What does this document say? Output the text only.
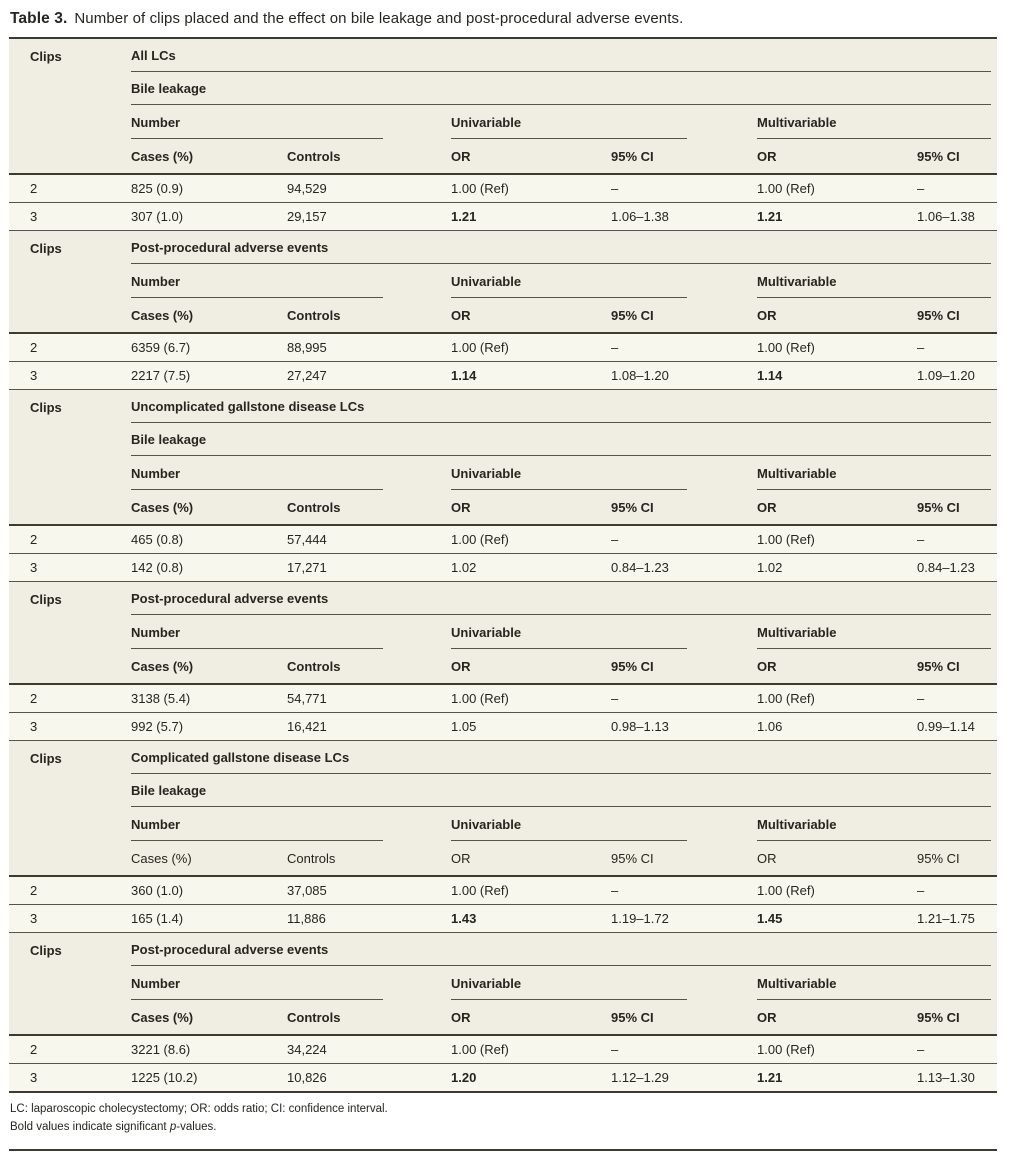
Table 3. Number of clips placed and the effect on bile leakage and post-procedural adverse events.
Clips	All LCs					

	Bile leakage					

	Number		Univariable		Multivariable	

	Cases (%)	Controls	OR	95% CI	OR	95% CI
2	825 (0.9)	94,529	1.00 (Ref)	–	1.00 (Ref)	–
3	307 (1.0)	29,157	1.21	1.06–1.38	1.21	1.06–1.38
Clips	Post-procedural adverse events					

	Number		Univariable		Multivariable	

	Cases (%)	Controls	OR	95% CI	OR	95% CI
2	6359 (6.7)	88,995	1.00 (Ref)	–	1.00 (Ref)	–
3	2217 (7.5)	27,247	1.14	1.08–1.20	1.14	1.09–1.20
Clips	Uncomplicated gallstone disease LCs					

	Bile leakage					

	Number		Univariable		Multivariable	

	Cases (%)	Controls	OR	95% CI	OR	95% CI
2	465 (0.8)	57,444	1.00 (Ref)	–	1.00 (Ref)	–
3	142 (0.8)	17,271	1.02	0.84–1.23	1.02	0.84–1.23
Clips	Post-procedural adverse events					

	Number		Univariable		Multivariable	

	Cases (%)	Controls	OR	95% CI	OR	95% CI
2	3138 (5.4)	54,771	1.00 (Ref)	–	1.00 (Ref)	–
3	992 (5.7)	16,421	1.05	0.98–1.13	1.06	0.99–1.14
Clips	Complicated gallstone disease LCs					

	Bile leakage					

	Number		Univariable		Multivariable	

	Cases (%)	Controls	OR	95% CI	OR	95% CI
2	360 (1.0)	37,085	1.00 (Ref)	–	1.00 (Ref)	–
3	165 (1.4)	11,886	1.43	1.19–1.72	1.45	1.21–1.75
Clips	Post-procedural adverse events					

	Number		Univariable		Multivariable	

	Cases (%)	Controls	OR	95% CI	OR	95% CI
2	3221 (8.6)	34,224	1.00 (Ref)	–	1.00 (Ref)	–
3	1225 (10.2)	10,826	1.20	1.12–1.29	1.21	1.13–1.30
LC: laparoscopic cholecystectomy; OR: odds ratio; CI: confidence interval.
Bold values indicate significant p-values.
